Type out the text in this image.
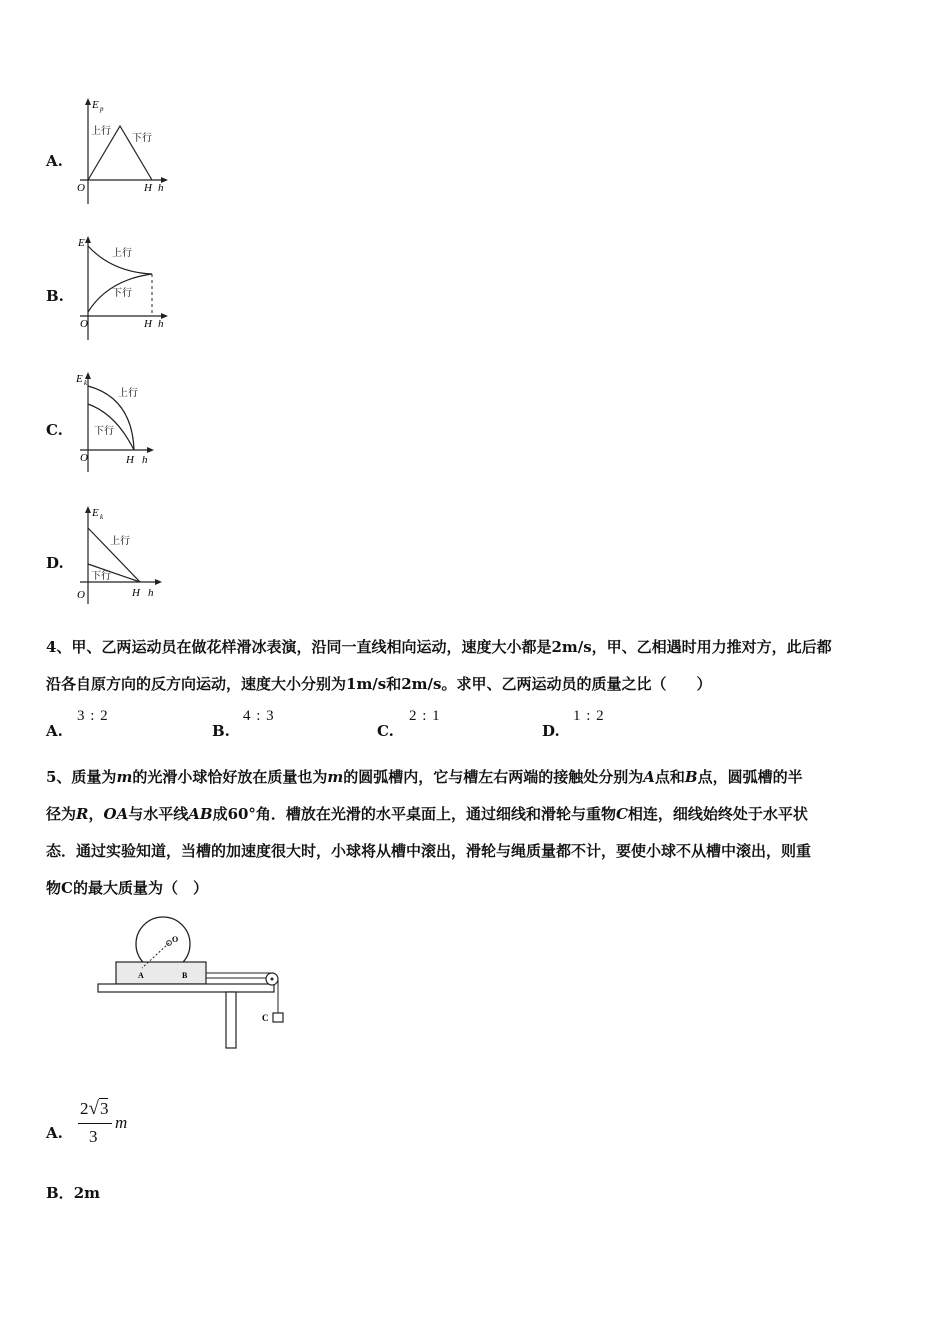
A.
E p
上行
下行
O	H h
B.
E
上行
下行
O	H h
C.
E k
上行
下行
O	H h
D.
E k
上行
下行
O	H h
4、甲、乙两运动员在做花样滑冰表演，沿同一直线相向运动，速度大小都是2m/s，甲、乙相遇时用力推对方，此后都
沿各自原方向的反方向运动，速度大小分别为1m/s和2m/s。求甲、乙两运动员的质量之比（　　）
A.
3 : 2
B.
4 : 3
C.
2 : 1
D.
1 : 2
5、质量为m的光滑小球恰好放在质量也为m的圆弧槽内，它与槽左右两端的接触处分别为A点和B点，圆弧槽的半
径为R，OA与水平线AB成60°角．槽放在光滑的水平桌面上，通过细线和滑轮与重物C相连，细线始终处于水平状
态．通过实验知道，当槽的加速度很大时，小球将从槽中滚出，滑轮与绳质量都不计，要使小球不从槽中滚出，则重
物C的最大质量为（　）
C
A	B
O
A.
2√3
3
m
B．2m
